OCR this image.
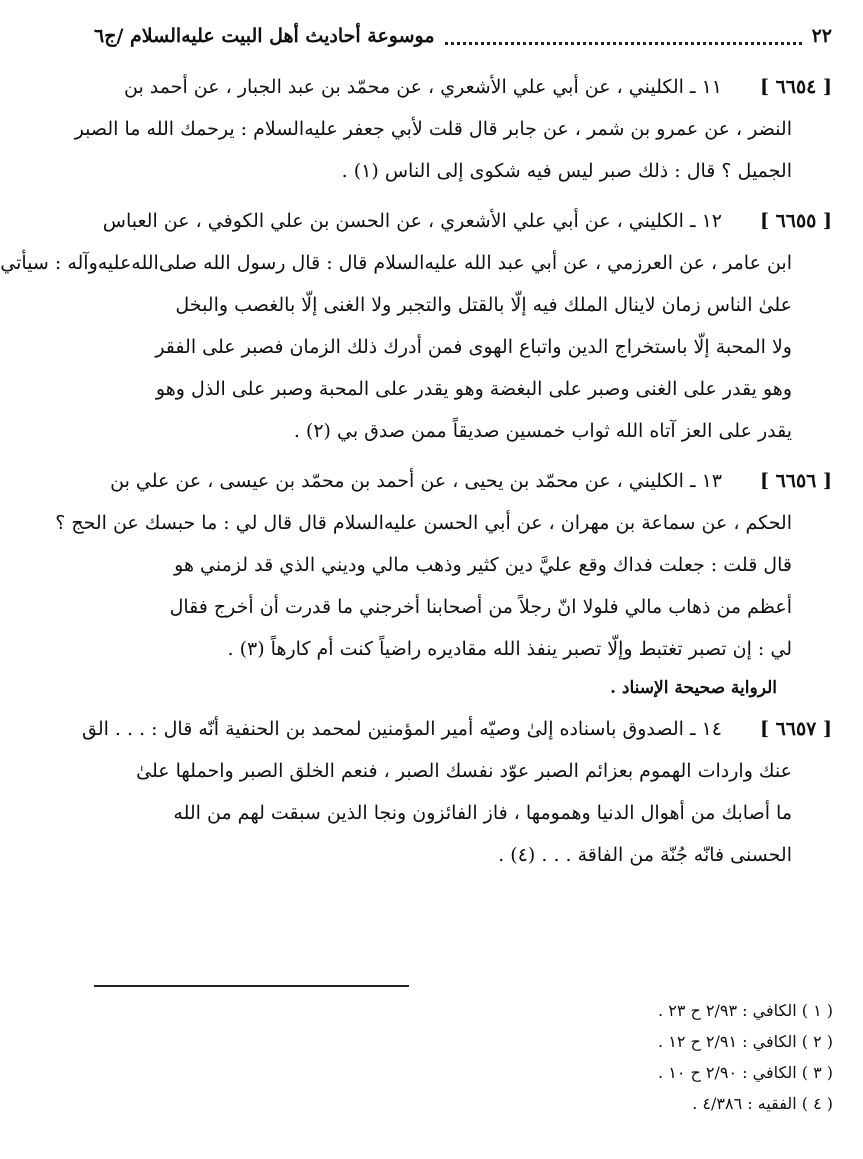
٢٢
موسوعة أحاديث أهل البيت عليه‌السلام /ج٦
[ ٦٦٥٤ ]
١١ ـ الكليني ، عن أبي علي الأشعري ، عن محمّد بن عبد الجبار ، عن أحمد بن
النضر ، عن عمرو بن شمر ، عن جابر قال قلت لأبي جعفر عليه‌السلام : يرحمك الله ما الصبر
الجميل ؟ قال : ذلك صبر ليس فيه شكوى إلى الناس (١) .
[ ٦٦٥٥ ]
١٢ ـ الكليني ، عن أبي علي الأشعري ، عن الحسن بن علي الكوفي ، عن العباس
ابن عامر ، عن العرزمي ، عن أبي عبد الله عليه‌السلام قال : قال رسول الله صلى‌الله‌عليه‌وآله : سيأتي
علىٰ الناس زمان لاينال الملك فيه إلّا بالقتل والتجبر ولا الغنى إلّا بالغصب والبخل
ولا المحبة إلّا باستخراج الدين واتباع الهوى فمن أدرك ذلك الزمان فصبر على الفقر
وهو يقدر على الغنى وصبر على البغضة وهو يقدر على المحبة وصبر على الذل وهو
يقدر على العز آتاه الله ثواب خمسين صديقاً ممن صدق بي (٢) .
[ ٦٦٥٦ ]
١٣ ـ الكليني ، عن محمّد بن يحيى ، عن أحمد بن محمّد بن عيسى ، عن علي بن
الحكم ، عن سماعة بن مهران ، عن أبي الحسن عليه‌السلام قال قال لي : ما حبسك عن الحج ؟
قال قلت : جعلت فداك وقع عليَّ دين كثير وذهب مالي وديني الذي قد لزمني هو
أعظم من ذهاب مالي فلولا انّ رجلاً من أصحابنا أخرجني ما قدرت أن أخرج فقال
لي : إن تصبر تغتبط وإلّا تصبر ينفذ الله مقاديره راضياً كنت أم كارهاً (٣) .
الرواية صحيحة الإسناد .
[ ٦٦٥٧ ]
١٤ ـ الصدوق باسناده إلىٰ وصيّه أمير المؤمنين لمحمد بن الحنفية أنّه قال : . . . الق
عنك واردات الهموم بعزائم الصبر عوّد نفسك الصبر ، فنعم الخلق الصبر واحملها علىٰ
ما أصابك من أهوال الدنيا وهمومها ، فاز الفائزون ونجا الذين سبقت لهم من الله
الحسنى فانّه جُنّة من الفاقة . . . (٤) .
( ١ ) الكافي : ٢/٩٣ ح ٢٣ .
( ٢ ) الكافي : ٢/٩١ ح ١٢ .
( ٣ ) الكافي : ٢/٩٠ ح ١٠ .
( ٤ ) الفقيه : ٤/٣٨٦ .
